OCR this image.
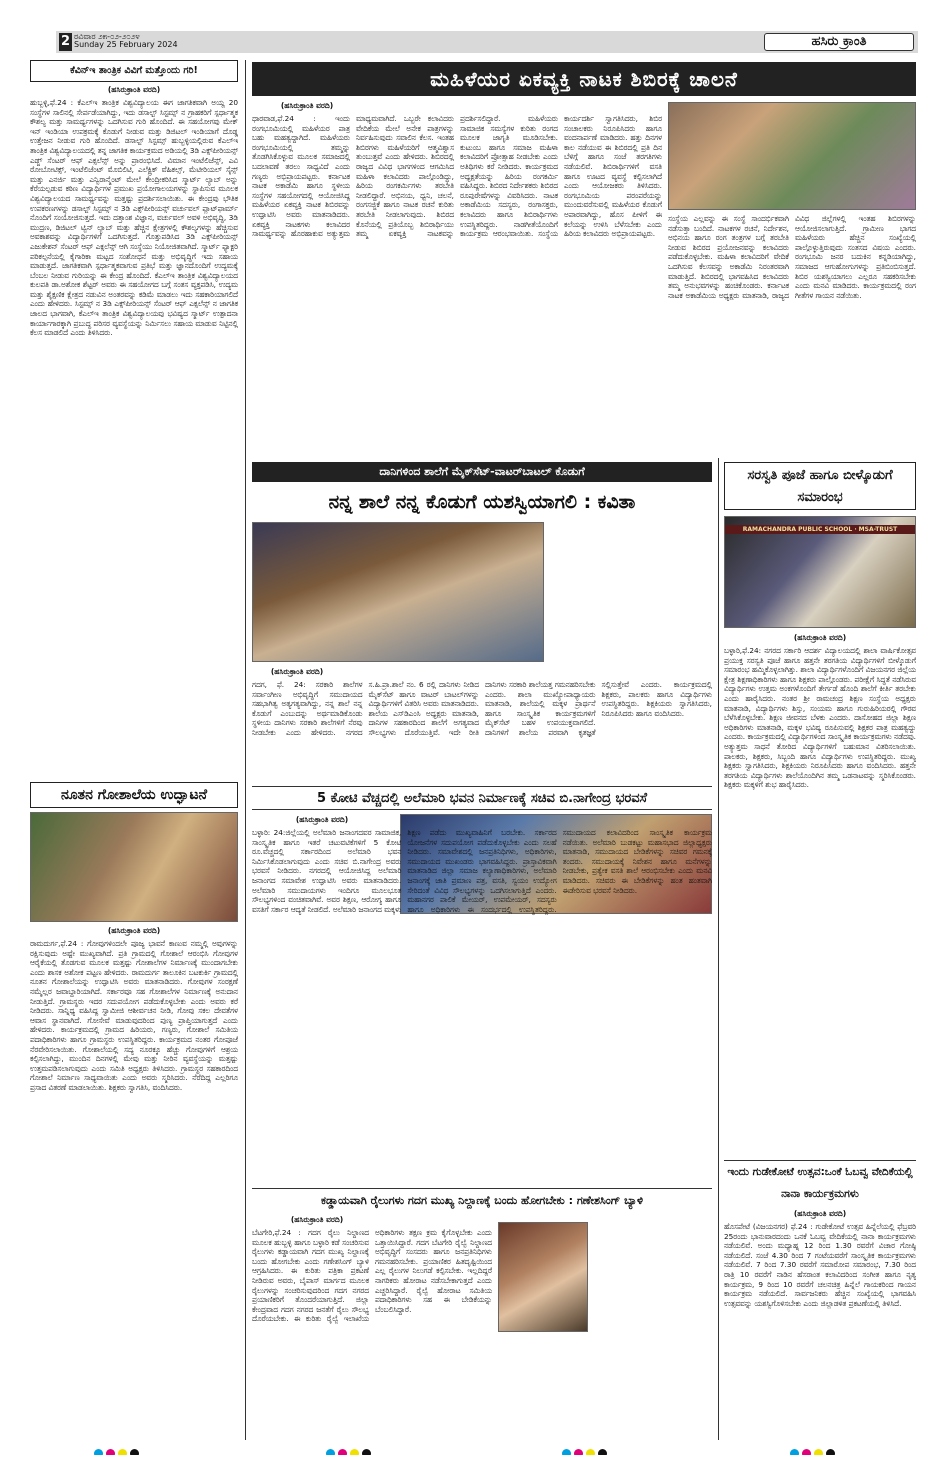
2 ರವಿವಾರ ೨೫-೦೨-೨೦೨೪
Sunday 25 February 2024	ಹಸಿರು ಕ್ರಾಂತಿ
ಕೆವಿನ್‌ಇ ತಾಂತ್ರಿಕ ವಿವಿಗೆ ಮತ್ತೊಂದು ಗರಿ!
(ಹಸಿರುಕ್ರಾಂತಿ ವರದಿ)
ಹುಬ್ಬಳ್ಳಿ,ಫೆ.24 : ಕೆಎಲ್‌ಇ ತಾಂತ್ರಿಕ ವಿಶ್ವವಿದ್ಯಾಲಯ ಈಗ ಜಾಗತಿಕವಾಗಿ ಅಯ್ದ 20 ಸಂಸ್ಥೆಗಳ ಸಾಲಿನಲ್ಲಿ ಸೇರ್ಪಡೆಯಾಗಿದ್ದು, ಇದು ಡಸಾಲ್ಟ್ ಸಿಸ್ಟಮ್ಸ್ ನ ಗ್ರಾಹಕರಿಗೆ ಸ್ಪರ್ಧಾತ್ಮಕ ಕೌಶಲ್ಯ ಮತ್ತು ಸಾಮರ್ಥ್ಯಗಳನ್ನು ಒದಗಿಸುವ ಗುರಿ ಹೊಂದಿದೆ. ಈ ಸಹಯೋಗವು ಮೇಕ್ ಇನ್ ಇಂಡಿಯಾ ಉಪಕ್ರಮಕ್ಕೆ ಕೊಡುಗೆ ನೀಡುವ ಮತ್ತು ಡಿಜಿಟಲ್ ಇಂಡಿಯಾಗೆ ದೊಡ್ಡ ಉತ್ತೇಜನ ನೀಡುವ ಗುರಿ ಹೊಂದಿದೆ. ಡಸಾಲ್ಟ್ ಸಿಸ್ಟಮ್ಸ್ ಹುಬ್ಬಳ್ಳಿಯಲ್ಲಿರುವ ಕೆಎಲ್‌ಇ ತಾಂತ್ರಿಕ ವಿಶ್ವವಿದ್ಯಾಲಯದಲ್ಲಿ ತನ್ನ ಜಾಗತಿಕ ಕಾರ್ಯಕ್ರಮದ ಅಡಿಯಲ್ಲಿ 3ಡಿ ಎಕ್ಸ್‌ಪೀರಿಯನ್ಸ್ ಎಡ್ಜ್ ಸೆಂಟರ್ ಆಫ್ ಎಕ್ಸಲೆನ್ಸ್ ಅನ್ನು ಪ್ರಾರಂಭಿಸಿದೆ. ವಿಮಾನ ಇಂಟೆಲಿಜೆನ್ಸ್, ಎವಿ ರೋಬೋಟಿಕ್ಸ್, ಇಂಟೆಲಿಜೆಂಟ್ ಮೊಬಿಲಿಟಿ, ಎಲೆಕ್ಟ್ರಿಕ್ ವೆಹಿಕಲ್ಸ್, ಮೆಟೀರಿಯಲ್ ಸೈನ್ಸ್ ಮತ್ತು ಎನರ್ಜಿ ಮತ್ತು ಎನ್ವಿರಾನ್ಮೆಂಟ್ ಮೇಲೆ ಕೇಂದ್ರೀಕರಿಸಿದ ಸ್ಮಾರ್ಟ್ ಲ್ಯಾಬ್ ಅನ್ನು ಕೆರೆಯಲ್ಪಡುವ ಕಠಿಣ ವಿದ್ಯಾರ್ಥಿಗಳ ಪ್ರಮುಖ ಪ್ರಯೋಗಾಲಯಗಳನ್ನು ಸ್ಥಾಪಿಸುವ ಮೂಲಕ ವಿಶ್ವವಿದ್ಯಾಲಯದ ಸಾಮರ್ಥ್ಯವನ್ನು ಮತ್ತಷ್ಟು ಪ್ರದರ್ಶಿಸಲಾಯಿತು. ಈ ಕೇಂದ್ರವು ಭೌತಿಕ ಉಪಕರಣಗಳನ್ನು ಡಸಾಲ್ಟ್ ಸಿಸ್ಟಮ್ಸ್ ನ 3ಡಿ ಎಕ್ಸ್‌ಪೀರಿಯನ್ಸ್ ವರ್ಚುವಲ್ ಪ್ಲಾಟ್‌ಫಾರ್ಮ್ ನೊಂದಿಗೆ ಸಂಯೋಜಿಸುತ್ತದೆ. ಇದು ದತ್ತಾಂಶ ವಿಜ್ಞಾನ, ವರ್ಚುವಲ್ ಅವಳಿ ಅಭಿವೃದ್ಧಿ, 3ಡಿ ಮುದ್ರಣ, ಡಿಜಿಟಲ್ ಟ್ವಿನ್ ಲ್ಯಾಬ್ ಮತ್ತು ಹೆಚ್ಚಿನ ಕ್ಷೇತ್ರಗಳಲ್ಲಿ ಕೌಶಲ್ಯಗಳನ್ನು ಹೆಚ್ಚಿಸುವ ಅವಕಾಶವನ್ನು ವಿದ್ಯಾರ್ಥಿಗಳಿಗೆ ಒದಗಿಸುತ್ತದೆ. ಗೊತ್ತುಪಡಿಸಿದ 3ಡಿ ಎಕ್ಸ್‌ಪೀರಿಯನ್ಸ್ ಎಜುಕೇಶನ್ ಸೆಂಟರ್ ಆಫ್ ಎಕ್ಸಲೆನ್ಸ್ ಆಗಿ ಸಂಸ್ಥೆಯು ನಿಯೋಜಿತವಾಗಿದೆ. ಸ್ಮಾರ್ಟ್ ಫ್ಯಾಕ್ಟರಿ ಪರಿಕಲ್ಪನೆಯಲ್ಲಿ ಕೈಗಾರಿಕಾ ಮಟ್ಟದ ಸಂಶೋಧನೆ ಮತ್ತು ಅಭಿವೃದ್ಧಿಗೆ ಇದು ಸಹಾಯ ಮಾಡುತ್ತದೆ. ಜಾಗತಿಕವಾಗಿ ಸ್ಪರ್ಧಾತ್ಮಕವಾಗುವ ಪ್ರತಿಭೆ ಮತ್ತು ಜ್ಞಾನದೊಂದಿಗೆ ಉದ್ಯಮಕ್ಕೆ ಬೆಂಬಲ ನೀಡುವ ಗುರಿಯನ್ನು ಈ ಕೇಂದ್ರ ಹೊಂದಿದೆ. ಕೆಎಲ್‌ಇ ತಾಂತ್ರಿಕ ವಿಶ್ವವಿದ್ಯಾಲಯದ ಕುಲಪತಿ ಡಾ.ಅಶೋಕ ಶೆಟ್ಟರ್ ಅವರು ಈ ಸಹಯೋಗದ ಬಗ್ಗೆ ಸಂತಸ ವ್ಯಕ್ತಪಡಿಸಿ, ಉದ್ಯಮ ಮತ್ತು ಶೈಕ್ಷಣಿಕ ಕ್ಷೇತ್ರದ ನಡುವಿನ ಅಂತರವನ್ನು ಕಡಿಮೆ ಮಾಡಲು ಇದು ಸಹಕಾರಿಯಾಗಲಿದೆ ಎಂದು ಹೇಳಿದರು. ಸಿಸ್ಟಮ್ಸ್ ನ 3ಡಿ ಎಕ್ಸ್‌ಪೀರಿಯನ್ಸ್ ಸೆಂಟರ್ ಆಫ್ ಎಕ್ಸಲೆನ್ಸ್ ನ ಜಾಗತಿಕ ಜಾಲದ ಭಾಗವಾಗಿ, ಕೆಎಲ್‌ಇ ತಾಂತ್ರಿಕ ವಿಶ್ವವಿದ್ಯಾಲಯವು ಭವಿಷ್ಯದ ಸ್ಮಾರ್ಟ್ ಉತ್ಪಾದನಾ ಕಾರ್ಯಾಗಾರಕ್ಕಾಗಿ ಪ್ರಬುದ್ಧ ಪರಿಸರ ವ್ಯವಸ್ಥೆಯನ್ನು ನಿರ್ಮಿಸಲು ಸಹಾಯ ಮಾಡುವ ನಿಟ್ಟಿನಲ್ಲಿ ಕೆಲಸ ಮಾಡಲಿದೆ ಎಂದು ತಿಳಿಸಿದರು.
ನೂತನ ಗೋಶಾಲೆಯ ಉದ್ಘಾಟನೆ
(ಹಸಿರುಕ್ರಾಂತಿ ವರದಿ)
ರಾಮದುರ್ಗ,ಫೆ.24 : ಗೋವುಗಳಿಂದಲೇ ಪೂಜ್ಯ ಭಾವನೆ ಕಾಣುವ ನಮ್ಮಲ್ಲಿ ಅವುಗಳನ್ನು ರಕ್ಷಿಸುವುದು ಅಷ್ಟೇ ಮುಖ್ಯವಾಗಿದೆ. ಪ್ರತಿ ಗ್ರಾಮದಲ್ಲಿ ಗೋಶಾಲೆ ಆರಂಭಿಸಿ ಗೋವುಗಳ ಆರೈಕೆಯಲ್ಲಿ ತೊಡಗುವ ಮೂಲಕ ಮತ್ತಷ್ಟು ಗೋಶಾಲೆಗಳ ನಿರ್ಮಾಣಕ್ಕೆ ಮುಂದಾಗಬೇಕು ಎಂದು ಶಾಸಕ ಅಶೋಕ ಪಟ್ಟಣ ಹೇಳಿದರು. ರಾಮದುರ್ಗ ತಾಲೂಕಿನ ಬಟಕುರ್ಕಿ ಗ್ರಾಮದಲ್ಲಿ ನೂತನ ಗೋಶಾಲೆಯನ್ನು ಉದ್ಘಾಟಿಸಿ ಅವರು ಮಾತನಾಡಿದರು. ಗೋವುಗಳ ಸಂರಕ್ಷಣೆ ನಮ್ಮೆಲ್ಲರ ಜವಾಬ್ದಾರಿಯಾಗಿದೆ. ಸರ್ಕಾರವೂ ಸಹ ಗೋಶಾಲೆಗಳ ನಿರ್ಮಾಣಕ್ಕೆ ಅನುದಾನ ನೀಡುತ್ತಿದೆ. ಗ್ರಾಮಸ್ಥರು ಇದರ ಸದುಪಯೋಗ ಪಡೆದುಕೊಳ್ಳಬೇಕು ಎಂದು ಅವರು ಕರೆ ನೀಡಿದರು. ಸಾನ್ನಿಧ್ಯ ವಹಿಸಿದ್ದ ಸ್ವಾಮೀಜಿ ಆಶೀರ್ವಚನ ನೀಡಿ, ಗೋವು ಸಕಲ ದೇವತೆಗಳ ಆವಾಸ ಸ್ಥಾನವಾಗಿದೆ. ಗೋಸೇವೆ ಮಾಡುವುದರಿಂದ ಪುಣ್ಯ ಪ್ರಾಪ್ತಿಯಾಗುತ್ತದೆ ಎಂದು ಹೇಳಿದರು. ಕಾರ್ಯಕ್ರಮದಲ್ಲಿ ಗ್ರಾಮದ ಹಿರಿಯರು, ಗಣ್ಯರು, ಗೋಶಾಲೆ ಸಮಿತಿಯ ಪದಾಧಿಕಾರಿಗಳು ಹಾಗೂ ಗ್ರಾಮಸ್ಥರು ಉಪಸ್ಥಿತರಿದ್ದರು. ಕಾರ್ಯಕ್ರಮದ ನಂತರ ಗೋಪೂಜೆ ನೆರವೇರಿಸಲಾಯಿತು. ಗೋಶಾಲೆಯಲ್ಲಿ ಸದ್ಯ ನೂರಕ್ಕೂ ಹೆಚ್ಚು ಗೋವುಗಳಿಗೆ ಆಶ್ರಯ ಕಲ್ಪಿಸಲಾಗಿದ್ದು, ಮುಂದಿನ ದಿನಗಳಲ್ಲಿ ಮೇವು ಮತ್ತು ನೀರಿನ ವ್ಯವಸ್ಥೆಯನ್ನು ಮತ್ತಷ್ಟು ಉತ್ತಮಪಡಿಸಲಾಗುವುದು ಎಂದು ಸಮಿತಿ ಅಧ್ಯಕ್ಷರು ತಿಳಿಸಿದರು. ಗ್ರಾಮಸ್ಥರ ಸಹಕಾರದಿಂದ ಗೋಶಾಲೆ ನಿರ್ಮಾಣ ಸಾಧ್ಯವಾಯಿತು ಎಂದು ಅವರು ಸ್ಮರಿಸಿದರು. ನೆರೆದಿದ್ದ ಎಲ್ಲರಿಗೂ ಪ್ರಸಾದ ವಿತರಣೆ ಮಾಡಲಾಯಿತು. ಶಿಕ್ಷಕರು ಸ್ವಾಗತಿಸಿ, ವಂದಿಸಿದರು.
ಮಹಿಳೆಯರ ಏಕವ್ಯಕ್ತಿ ನಾಟಕ ಶಿಬಿರಕ್ಕೆ ಚಾಲನೆ
(ಹಸಿರುಕ್ರಾಂತಿ ವರದಿ)
ಧಾರವಾಡ,ಫೆ.24 : ಇಂದು ರಂಗಭೂಮಿಯಲ್ಲಿ ಮಹಿಳೆಯರ ಪಾತ್ರ ಬಹು ಮಹತ್ವದ್ದಾಗಿದೆ. ಮಹಿಳೆಯರು ರಂಗಭೂಮಿಯಲ್ಲಿ ತಮ್ಮನ್ನು ತೊಡಗಿಸಿಕೊಳ್ಳುವ ಮೂಲಕ ಸಮಾಜದಲ್ಲಿ ಬದಲಾವಣೆ ತರಲು ಸಾಧ್ಯವಿದೆ ಎಂದು ಗಣ್ಯರು ಅಭಿಪ್ರಾಯಪಟ್ಟರು. ಕರ್ನಾಟಕ ನಾಟಕ ಅಕಾಡೆಮಿ ಹಾಗೂ ಸ್ಥಳೀಯ ಸಂಸ್ಥೆಗಳ ಸಹಯೋಗದಲ್ಲಿ ಆಯೋಜಿಸಿದ್ದ ಮಹಿಳೆಯರ ಏಕವ್ಯಕ್ತಿ ನಾಟಕ ಶಿಬಿರವನ್ನು ಉದ್ಘಾಟಿಸಿ ಅವರು ಮಾತನಾಡಿದರು. ಏಕವ್ಯಕ್ತಿ ನಾಟಕಗಳು ಕಲಾವಿದರ ಸಾಮರ್ಥ್ಯವನ್ನು ಹೊರಹಾಕುವ ಅತ್ಯುತ್ತಮ ಮಾಧ್ಯಮವಾಗಿದೆ. ಒಬ್ಬರೇ ಕಲಾವಿದರು ವೇದಿಕೆಯ ಮೇಲೆ ಅನೇಕ ಪಾತ್ರಗಳನ್ನು ನಿರ್ವಹಿಸುವುದು ಸವಾಲಿನ ಕೆಲಸ. ಇಂತಹ ಶಿಬಿರಗಳು ಮಹಿಳೆಯರಿಗೆ ಆತ್ಮವಿಶ್ವಾಸ ತುಂಬುತ್ತವೆ ಎಂದು ಹೇಳಿದರು. ಶಿಬಿರದಲ್ಲಿ ರಾಜ್ಯದ ವಿವಿಧ ಭಾಗಗಳಿಂದ ಆಗಮಿಸಿದ ಮಹಿಳಾ ಕಲಾವಿದರು ಪಾಲ್ಗೊಂಡಿದ್ದು, ಹಿರಿಯ ರಂಗಕರ್ಮಿಗಳು ತರಬೇತಿ ನೀಡಲಿದ್ದಾರೆ. ಅಭಿನಯ, ಧ್ವನಿ, ಚಲನೆ, ರಂಗಸಜ್ಜಿಕೆ ಹಾಗೂ ನಾಟಕ ರಚನೆ ಕುರಿತು ತರಬೇತಿ ನೀಡಲಾಗುವುದು. ಶಿಬಿರದ ಕೊನೆಯಲ್ಲಿ ಪ್ರತಿಯೊಬ್ಬ ಶಿಬಿರಾರ್ಥಿಯು ತಮ್ಮ ಏಕವ್ಯಕ್ತಿ ನಾಟಕವನ್ನು ಪ್ರದರ್ಶಿಸಲಿದ್ದಾರೆ. ಮಹಿಳೆಯರು ಸಾಮಾಜಿಕ ಸಮಸ್ಯೆಗಳ ಕುರಿತು ರಂಗದ ಮೂಲಕ ಜಾಗೃತಿ ಮೂಡಿಸಬೇಕು. ಕುಟುಂಬ ಹಾಗೂ ಸಮಾಜ ಮಹಿಳಾ ಕಲಾವಿದರಿಗೆ ಪ್ರೋತ್ಸಾಹ ನೀಡಬೇಕು ಎಂದು ಅತಿಥಿಗಳು ಕರೆ ನೀಡಿದರು. ಕಾರ್ಯಕ್ರಮದ ಅಧ್ಯಕ್ಷತೆಯನ್ನು ಹಿರಿಯ ರಂಗಕರ್ಮಿ ವಹಿಸಿದ್ದರು. ಶಿಬಿರದ ನಿರ್ದೇಶಕರು ಶಿಬಿರದ ರೂಪುರೇಷೆಗಳನ್ನು ವಿವರಿಸಿದರು. ನಾಟಕ ಅಕಾಡೆಮಿಯ ಸದಸ್ಯರು, ರಂಗಾಸಕ್ತರು, ಕಲಾವಿದರು ಹಾಗೂ ಶಿಬಿರಾರ್ಥಿಗಳು ಉಪಸ್ಥಿತರಿದ್ದರು. ನಾಡಗೀತೆಯೊಂದಿಗೆ ಕಾರ್ಯಕ್ರಮ ಆರಂಭವಾಯಿತು. ಸಂಸ್ಥೆಯ ಕಾರ್ಯದರ್ಶಿ ಸ್ವಾಗತಿಸಿದರು, ಶಿಬಿರ ಸಂಚಾಲಕರು ನಿರೂಪಿಸಿದರು ಹಾಗೂ ವಂದನಾರ್ಪಣೆ ಮಾಡಿದರು. ಹತ್ತು ದಿನಗಳ ಕಾಲ ನಡೆಯುವ ಈ ಶಿಬಿರದಲ್ಲಿ ಪ್ರತಿ ದಿನ ಬೆಳಿಗ್ಗೆ ಹಾಗೂ ಸಂಜೆ ತರಗತಿಗಳು ನಡೆಯಲಿವೆ. ಶಿಬಿರಾರ್ಥಿಗಳಿಗೆ ವಸತಿ ಹಾಗೂ ಊಟದ ವ್ಯವಸ್ಥೆ ಕಲ್ಪಿಸಲಾಗಿದೆ ಎಂದು ಆಯೋಜಕರು ತಿಳಿಸಿದರು. ರಂಗಭೂಮಿಯ ಪರಂಪರೆಯನ್ನು ಮುಂದುವರೆಸುವಲ್ಲಿ ಮಹಿಳೆಯರ ಕೊಡುಗೆ ಅಪಾರವಾಗಿದ್ದು, ಹೊಸ ಪೀಳಿಗೆ ಈ ಕಲೆಯನ್ನು ಉಳಿಸಿ ಬೆಳೆಸಬೇಕು ಎಂದು ಹಿರಿಯ ಕಲಾವಿದರು ಅಭಿಪ್ರಾಯಪಟ್ಟರು.
ಸಂಸ್ಥೆಯ ಎಲ್ಲವನ್ನು ಈ ಸಂಸ್ಥೆ ಸಾಂದರ್ಭಿಕವಾಗಿ ನಡೆಸುತ್ತಾ ಬಂದಿದೆ. ನಾಟಕಗಳ ರಚನೆ, ನಿರ್ದೇಶನ, ಅಭಿನಯ ಹಾಗೂ ರಂಗ ತಂತ್ರಗಳ ಬಗ್ಗೆ ತರಬೇತಿ ನೀಡುವ ಶಿಬಿರದ ಪ್ರಯೋಜನವನ್ನು ಕಲಾವಿದರು ಪಡೆದುಕೊಳ್ಳಬೇಕು. ಮಹಿಳಾ ಕಲಾವಿದರಿಗೆ ವೇದಿಕೆ ಒದಗಿಸುವ ಕೆಲಸವನ್ನು ಅಕಾಡೆಮಿ ನಿರಂತರವಾಗಿ ಮಾಡುತ್ತಿದೆ. ಶಿಬಿರದಲ್ಲಿ ಭಾಗವಹಿಸಿದ ಕಲಾವಿದರು ತಮ್ಮ ಅನುಭವಗಳನ್ನು ಹಂಚಿಕೊಂಡರು. ಕರ್ನಾಟಕ ನಾಟಕ ಅಕಾಡೆಮಿಯ ಅಧ್ಯಕ್ಷರು ಮಾತನಾಡಿ, ರಾಜ್ಯದ ವಿವಿಧ ಜಿಲ್ಲೆಗಳಲ್ಲಿ ಇಂತಹ ಶಿಬಿರಗಳನ್ನು ಆಯೋಜಿಸಲಾಗುತ್ತಿದೆ. ಗ್ರಾಮೀಣ ಭಾಗದ ಮಹಿಳೆಯರು ಹೆಚ್ಚಿನ ಸಂಖ್ಯೆಯಲ್ಲಿ ಪಾಲ್ಗೊಳ್ಳುತ್ತಿರುವುದು ಸಂತಸದ ವಿಷಯ ಎಂದರು. ರಂಗಭೂಮಿ ಜನರ ಬದುಕಿನ ಕನ್ನಡಿಯಾಗಿದ್ದು, ಸಮಾಜದ ಆಗುಹೋಗುಗಳನ್ನು ಪ್ರತಿಬಿಂಬಿಸುತ್ತದೆ. ಶಿಬಿರ ಯಶಸ್ವಿಯಾಗಲು ಎಲ್ಲರೂ ಸಹಕರಿಸಬೇಕು ಎಂದು ಮನವಿ ಮಾಡಿದರು. ಕಾರ್ಯಕ್ರಮದಲ್ಲಿ ರಂಗ ಗೀತೆಗಳ ಗಾಯನ ನಡೆಯಿತು.
ದಾನಿಗಳಿಂದ ಶಾಲೆಗೆ ಮೈಕ್‌ಸೆಟ್-ವಾಟರ್‌ಬಾಟಲ್ ಕೊಡುಗೆ
ನನ್ನ ಶಾಲೆ ನನ್ನ ಕೊಡುಗೆ ಯಶಸ್ವಿಯಾಗಲಿ : ಕವಿತಾ
(ಹಸಿರುಕ್ರಾಂತಿ ವರದಿ)
ಗದಗ, ಫೆ. 24: ಸರಕಾರಿ ಶಾಲೆಗಳ ಸರ್ವಾಂಗೀಣ ಅಭಿವೃದ್ಧಿಗೆ ಸಮುದಾಯದ ಸಹಭಾಗಿತ್ವ ಅತ್ಯಗತ್ಯವಾಗಿದ್ದು, ನನ್ನ ಶಾಲೆ ನನ್ನ ಕೊಡುಗೆ ಎಂಬುದನ್ನು ಅರ್ಥಮಾಡಿಕೊಂಡು ಸ್ಥಳೀಯ ದಾನಿಗಳು ಸರಕಾರಿ ಶಾಲೆಗಳಿಗೆ ನೆರವು ನೀಡಬೇಕು ಎಂದು ಹೇಳಿದರು. ನಗರದ ಸ.ಹಿ.ಪ್ರಾ.ಶಾಲೆ ನಂ. 6 ರಲ್ಲಿ ದಾನಿಗಳು ನೀಡಿದ ಮೈಕ್‌ಸೆಟ್ ಹಾಗೂ ವಾಟರ್ ಬಾಟಲ್‌ಗಳನ್ನು ವಿದ್ಯಾರ್ಥಿಗಳಿಗೆ ವಿತರಿಸಿ ಅವರು ಮಾತನಾಡಿದರು. ಶಾಲೆಯ ಎಸ್‌ಡಿಎಂಸಿ ಅಧ್ಯಕ್ಷರು ಮಾತನಾಡಿ, ದಾನಿಗಳ ಸಹಕಾರದಿಂದ ಶಾಲೆಗೆ ಅಗತ್ಯವಾದ ಸೌಲಭ್ಯಗಳು ದೊರೆಯುತ್ತಿವೆ. ಇದೇ ರೀತಿ ದಾನಿಗಳು ಸರಕಾರಿ ಶಾಲೆಯತ್ತ ಗಮನಹರಿಸಬೇಕು ಎಂದರು. ಶಾಲಾ ಮುಖ್ಯೋಪಾಧ್ಯಾಯರು ಮಾತನಾಡಿ, ಶಾಲೆಯಲ್ಲಿ ಮಕ್ಕಳ ಪ್ರಾರ್ಥನೆ ಹಾಗೂ ಸಾಂಸ್ಕೃತಿಕ ಕಾರ್ಯಕ್ರಮಗಳಿಗೆ ಮೈಕ್‌ಸೆಟ್ ಬಹಳ ಉಪಯುಕ್ತವಾಗಲಿದೆ. ದಾನಿಗಳಿಗೆ ಶಾಲೆಯ ಪರವಾಗಿ ಕೃತಜ್ಞತೆ ಸಲ್ಲಿಸುತ್ತೇವೆ ಎಂದರು. ಕಾರ್ಯಕ್ರಮದಲ್ಲಿ ಶಿಕ್ಷಕರು, ಪಾಲಕರು ಹಾಗೂ ವಿದ್ಯಾರ್ಥಿಗಳು ಉಪಸ್ಥಿತರಿದ್ದರು. ಶಿಕ್ಷಕಿಯರು ಸ್ವಾಗತಿಸಿದರು, ನಿರೂಪಿಸಿದರು ಹಾಗೂ ವಂದಿಸಿದರು.
5 ಕೋಟಿ ವೆಚ್ಚದಲ್ಲಿ ಅಲೆಮಾರಿ ಭವನ ನಿರ್ಮಾಣಕ್ಕೆ ಸಚಿವ ಬಿ.ನಾಗೇಂದ್ರ ಭರವಸೆ
(ಹಸಿರುಕ್ರಾಂತಿ ವರದಿ)
ಬಳ್ಳಾರಿ: 24:ಜಿಲ್ಲೆಯಲ್ಲಿ ಅಲೆಮಾರಿ ಜನಾಂಗದವರ ಸಾಮಾಜಿಕ, ಸಾಂಸ್ಕೃತಿಕ ಹಾಗೂ ಇತರೆ ಚಟುವಟಿಕೆಗಳಿಗೆ 5 ಕೋಟಿ ರೂ.ವೆಚ್ಚದಲ್ಲಿ ಸರ್ಕಾರದಿಂದ ಅಲೆಮಾರಿ ಭವನ ನಿರ್ಮಿಸಿಕೊಡಲಾಗುವುದು ಎಂದು ಸಚಿವ ಬಿ.ನಾಗೇಂದ್ರ ಅವರು ಭರವಸೆ ನೀಡಿದರು. ನಗರದಲ್ಲಿ ಆಯೋಜಿಸಿದ್ದ ಅಲೆಮಾರಿ ಜನಾಂಗದ ಸಮಾವೇಶ ಉದ್ಘಾಟಿಸಿ ಅವರು ಮಾತನಾಡಿದರು. ಅಲೆಮಾರಿ ಸಮುದಾಯಗಳು ಇಂದಿಗೂ ಮೂಲಭೂತ ಸೌಲಭ್ಯಗಳಿಂದ ವಂಚಿತವಾಗಿವೆ. ಅವರ ಶಿಕ್ಷಣ, ಆರೋಗ್ಯ ಹಾಗೂ ವಸತಿಗೆ ಸರ್ಕಾರ ಆದ್ಯತೆ ನೀಡಲಿದೆ. ಅಲೆಮಾರಿ ಜನಾಂಗದ ಮಕ್ಕಳು ಶಿಕ್ಷಣ ಪಡೆದು ಮುಖ್ಯವಾಹಿನಿಗೆ ಬರಬೇಕು. ಸರ್ಕಾರದ ಯೋಜನೆಗಳ ಸದುಪಯೋಗ ಪಡೆದುಕೊಳ್ಳಬೇಕು ಎಂದು ಸಲಹೆ ನೀಡಿದರು. ಸಮಾವೇಶದಲ್ಲಿ ಜನಪ್ರತಿನಿಧಿಗಳು, ಅಧಿಕಾರಿಗಳು, ಸಮುದಾಯದ ಮುಖಂಡರು ಭಾಗವಹಿಸಿದ್ದರು. ಪ್ರಾಸ್ತಾವಿಕವಾಗಿ ಮಾತನಾಡಿದ ಜಿಲ್ಲಾ ಸಮಾಜ ಕಲ್ಯಾಣಾಧಿಕಾರಿಗಳು, ಅಲೆಮಾರಿ ಜನಾಂಗಕ್ಕೆ ಜಾತಿ ಪ್ರಮಾಣ ಪತ್ರ, ವಸತಿ, ಸ್ವಯಂ ಉದ್ಯೋಗ ಸೇರಿದಂತೆ ವಿವಿಧ ಸೌಲಭ್ಯಗಳನ್ನು ಒದಗಿಸಲಾಗುತ್ತಿದೆ ಎಂದರು. ಮಹಾನಗರ ಪಾಲಿಕೆ ಮೇಯರ್, ಉಪಮೇಯರ್, ಸದಸ್ಯರು ಹಾಗೂ ಅಧಿಕಾರಿಗಳು ಈ ಸಂದರ್ಭದಲ್ಲಿ ಉಪಸ್ಥಿತರಿದ್ದರು. ಸಮುದಾಯದ ಕಲಾವಿದರಿಂದ ಸಾಂಸ್ಕೃತಿಕ ಕಾರ್ಯಕ್ರಮ ನಡೆಯಿತು. ಅಲೆಮಾರಿ ಬುಡಕಟ್ಟು ಮಹಾಸಭಾದ ಜಿಲ್ಲಾಧ್ಯಕ್ಷರು ಮಾತನಾಡಿ, ಸಮುದಾಯದ ಬೇಡಿಕೆಗಳನ್ನು ಸಚಿವರ ಗಮನಕ್ಕೆ ತಂದರು. ಸಮುದಾಯಕ್ಕೆ ನಿವೇಶನ ಹಾಗೂ ಮನೆಗಳನ್ನು ನೀಡಬೇಕು, ಪ್ರತ್ಯೇಕ ವಸತಿ ಶಾಲೆ ಆರಂಭಿಸಬೇಕು ಎಂದು ಮನವಿ ಮಾಡಿದರು. ಸಚಿವರು ಈ ಬೇಡಿಕೆಗಳನ್ನು ಹಂತ ಹಂತವಾಗಿ ಈಡೇರಿಸುವ ಭರವಸೆ ನೀಡಿದರು.
ಕಡ್ಡಾಯವಾಗಿ ರೈಲುಗಳು ಗದಗ ಮುಖ್ಯ ನಿಲ್ದಾಣಕ್ಕೆ ಬಂದು ಹೋಗಬೇಕು : ಗಣೇಶಸಿಂಗ್ ಬ್ಯಾಳಿ
(ಹಸಿರುಕ್ರಾಂತಿ ವರದಿ)
ಬೆಟಗೇರಿ,ಫೆ.24 : ಗದಗ ರೈಲು ನಿಲ್ದಾಣದ ಮೂಲಕ ಹುಬ್ಬಳ್ಳಿ ಹಾಗೂ ಬಳ್ಳಾರಿ ಕಡೆ ಸಂಚರಿಸುವ ರೈಲುಗಳು ಕಡ್ಡಾಯವಾಗಿ ಗದಗ ಮುಖ್ಯ ನಿಲ್ದಾಣಕ್ಕೆ ಬಂದು ಹೋಗಬೇಕು ಎಂದು ಗಣೇಶಸಿಂಗ್ ಬ್ಯಾಳಿ ಆಗ್ರಹಿಸಿದರು. ಈ ಕುರಿತು ಪತ್ರಿಕಾ ಪ್ರಕಟಣೆ ನೀಡಿರುವ ಅವರು, ಬೈಪಾಸ್ ಮಾರ್ಗದ ಮೂಲಕ ರೈಲುಗಳನ್ನು ಸಂಚರಿಸುವುದರಿಂದ ಗದಗ ನಗರದ ಪ್ರಯಾಣಿಕರಿಗೆ ತೊಂದರೆಯಾಗುತ್ತಿದೆ. ಜಿಲ್ಲಾ ಕೇಂದ್ರವಾದ ಗದಗ ನಗರದ ಜನತೆಗೆ ರೈಲು ಸೌಲಭ್ಯ ದೊರೆಯಬೇಕು. ಈ ಕುರಿತು ರೈಲ್ವೆ ಇಲಾಖೆಯ ಅಧಿಕಾರಿಗಳು ತಕ್ಷಣ ಕ್ರಮ ಕೈಗೊಳ್ಳಬೇಕು ಎಂದು ಒತ್ತಾಯಿಸಿದ್ದಾರೆ. ಗದಗ ಬೆಟಗೇರಿ ರೈಲ್ವೆ ನಿಲ್ದಾಣದ ಅಭಿವೃದ್ಧಿಗೆ ಸಂಸದರು ಹಾಗೂ ಜನಪ್ರತಿನಿಧಿಗಳು ಗಮನಹರಿಸಬೇಕು. ಪ್ರಯಾಣಿಕರ ಹಿತದೃಷ್ಟಿಯಿಂದ ಎಲ್ಲ ರೈಲುಗಳ ನಿಲುಗಡೆ ಕಲ್ಪಿಸಬೇಕು. ಇಲ್ಲದಿದ್ದರೆ ನಾಗರಿಕರು ಹೋರಾಟ ನಡೆಸಬೇಕಾಗುತ್ತದೆ ಎಂದು ಎಚ್ಚರಿಸಿದ್ದಾರೆ. ರೈಲ್ವೆ ಹೋರಾಟ ಸಮಿತಿಯ ಪದಾಧಿಕಾರಿಗಳು ಸಹ ಈ ಬೇಡಿಕೆಯನ್ನು ಬೆಂಬಲಿಸಿದ್ದಾರೆ.
ಸರಸ್ವತಿ ಪೂಜೆ ಹಾಗೂ ಬೀಳ್ಕೊಡುಗೆ ಸಮಾರಂಭ
RAMACHANDRA PUBLIC SCHOOL · MSA-TRUST
(ಹಸಿರುಕ್ರಾಂತಿ ವರದಿ)
ಬಳ್ಳಾರಿ,ಫೆ.24: ನಗರದ ಸರ್ಕಾರಿ ಆದರ್ಶ ವಿದ್ಯಾಲಯದಲ್ಲಿ ಶಾಲಾ ವಾರ್ಷಿಕೋತ್ಸವ ಪ್ರಯುಕ್ತ ಸರಸ್ವತಿ ಪೂಜೆ ಹಾಗೂ ಹತ್ತನೇ ತರಗತಿಯ ವಿದ್ಯಾರ್ಥಿಗಳಿಗೆ ಬೀಳ್ಕೊಡುಗೆ ಸಮಾರಂಭ ಹಮ್ಮಿಕೊಳ್ಳಲಾಗಿತ್ತು. ಶಾಲಾ ವಿದ್ಯಾರ್ಥಿಗಳೊಂದಿಗೆ ವಿಜಯನಗರ ಜಿಲ್ಲೆಯ ಕ್ಷೇತ್ರ ಶಿಕ್ಷಣಾಧಿಕಾರಿಗಳು ಹಾಗೂ ಶಿಕ್ಷಕರು ಪಾಲ್ಗೊಂಡರು. ಪರೀಕ್ಷೆಗೆ ಸಿದ್ಧತೆ ನಡೆಸಿರುವ ವಿದ್ಯಾರ್ಥಿಗಳು ಉತ್ತಮ ಅಂಕಗಳೊಂದಿಗೆ ತೇರ್ಗಡೆ ಹೊಂದಿ ಶಾಲೆಗೆ ಕೀರ್ತಿ ತರಬೇಕು ಎಂದು ಹಾರೈಸಿದರು. ನಂತರ ಶ್ರೀ ರಾಮಚಂದ್ರ ಶಿಕ್ಷಣ ಸಂಸ್ಥೆಯ ಅಧ್ಯಕ್ಷರು ಮಾತನಾಡಿ, ವಿದ್ಯಾರ್ಥಿಗಳು ಶಿಸ್ತು, ಸಂಯಮ ಹಾಗೂ ಗುರುಹಿರಿಯರಲ್ಲಿ ಗೌರವ ಬೆಳೆಸಿಕೊಳ್ಳಬೇಕು. ಶಿಕ್ಷಣ ಜೀವನದ ಬೆಳಕು ಎಂದರು. ದಾಸೋಹದ ಜಿಲ್ಲಾ ಶಿಕ್ಷಣ ಅಧಿಕಾರಿಗಳು ಮಾತನಾಡಿ, ಮಕ್ಕಳ ಭವಿಷ್ಯ ರೂಪಿಸುವಲ್ಲಿ ಶಿಕ್ಷಕರ ಪಾತ್ರ ಮಹತ್ವದ್ದು ಎಂದರು. ಕಾರ್ಯಕ್ರಮದಲ್ಲಿ ವಿದ್ಯಾರ್ಥಿಗಳಿಂದ ಸಾಂಸ್ಕೃತಿಕ ಕಾರ್ಯಕ್ರಮಗಳು ನಡೆದವು. ಅತ್ಯುತ್ತಮ ಸಾಧನೆ ತೋರಿದ ವಿದ್ಯಾರ್ಥಿಗಳಿಗೆ ಬಹುಮಾನ ವಿತರಿಸಲಾಯಿತು. ಪಾಲಕರು, ಶಿಕ್ಷಕರು, ಸಿಬ್ಬಂದಿ ಹಾಗೂ ವಿದ್ಯಾರ್ಥಿಗಳು ಉಪಸ್ಥಿತರಿದ್ದರು. ಮುಖ್ಯ ಶಿಕ್ಷಕರು ಸ್ವಾಗತಿಸಿದರು, ಶಿಕ್ಷಕಿಯರು ನಿರೂಪಿಸಿದರು ಹಾಗೂ ವಂದಿಸಿದರು. ಹತ್ತನೇ ತರಗತಿಯ ವಿದ್ಯಾರ್ಥಿಗಳು ಶಾಲೆಯೊಂದಿಗಿನ ತಮ್ಮ ಒಡನಾಟವನ್ನು ಸ್ಮರಿಸಿಕೊಂಡರು. ಶಿಕ್ಷಕರು ಮಕ್ಕಳಿಗೆ ಶುಭ ಹಾರೈಸಿದರು.
ಇಂದು ಗುಡೇಕೋಟೆ ಉತ್ಸವ:ಒಂಕೆ ಓಬವ್ವ ವೇದಿಕೆಯಲ್ಲಿ ನಾನಾ ಕಾರ್ಯಕ್ರಮಗಳು
(ಹಸಿರುಕ್ರಾಂತಿ ವರದಿ)
ಹೊಸಪೇಟೆ (ವಿಜಯನಗರ) ಫೆ.24 : ಗುಡೇಕೋಟೆ ಉತ್ಸವ ಹಿನ್ನೆಲೆಯಲ್ಲಿ ಫೆಬ್ರವರಿ 25ರಂದು ಭಾನುವಾರದಂದು ಒನಕೆ ಓಬವ್ವ ವೇದಿಕೆಯಲ್ಲಿ ನಾನಾ ಕಾರ್ಯಕ್ರಮಗಳು ನಡೆಯಲಿವೆ. ಅಂದು ಮಧ್ಯಾಹ್ನ 12 ರಿಂದ 1.30 ರವರೆಗೆ ವಿಚಾರ ಗೋಷ್ಠಿ ನಡೆಯಲಿದೆ. ಸಂಜೆ 4.30 ರಿಂದ 7 ಗಂಟೆಯವರೆಗೆ ಸಾಂಸ್ಕೃತಿಕ ಕಾರ್ಯಕ್ರಮಗಳು ನಡೆಯಲಿವೆ. 7 ರಿಂದ 7.30 ರವರೆಗೆ ಸಮಾರೋಪ ಸಮಾರಂಭ, 7.30 ರಿಂದ ರಾತ್ರಿ 10 ರವರೆಗೆ ನಾಡಿನ ಹೆಸರಾಂತ ಕಲಾವಿದರಿಂದ ಸಂಗೀತ ಹಾಗೂ ನೃತ್ಯ ಕಾರ್ಯಕ್ರಮ, 9 ರಿಂದ 10 ರವರೆಗೆ ಚಲನಚಿತ್ರ ಹಿನ್ನೆಲೆ ಗಾಯಕರಿಂದ ಗಾಯನ ಕಾರ್ಯಕ್ರಮ ನಡೆಯಲಿದೆ. ಸಾರ್ವಜನಿಕರು ಹೆಚ್ಚಿನ ಸಂಖ್ಯೆಯಲ್ಲಿ ಭಾಗವಹಿಸಿ ಉತ್ಸವವನ್ನು ಯಶಸ್ವಿಗೊಳಿಸಬೇಕು ಎಂದು ಜಿಲ್ಲಾಡಳಿತ ಪ್ರಕಟಣೆಯಲ್ಲಿ ತಿಳಿಸಿದೆ.
